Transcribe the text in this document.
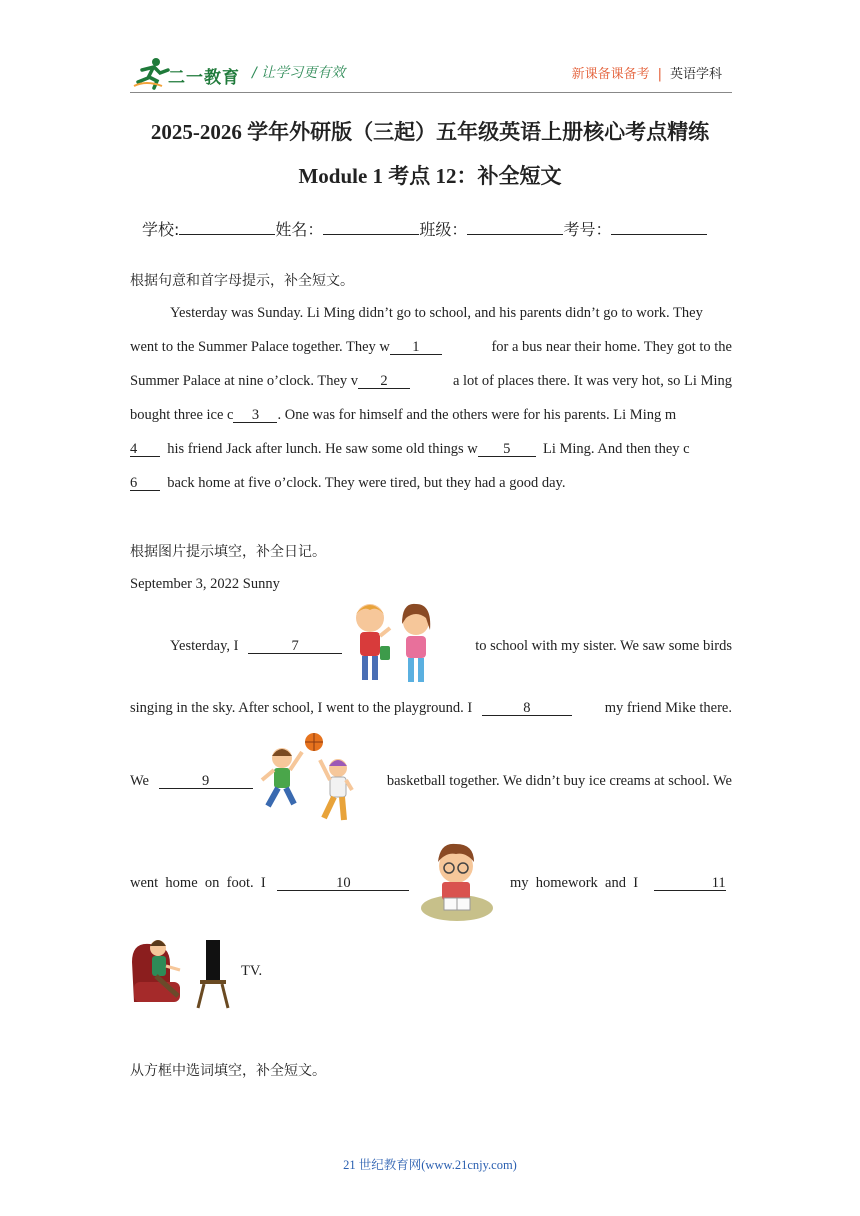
二一教育 / 让学习更有效	新课备课备考 | 英语学科
2025-2026 学年外研版（三起）五年级英语上册核心考点精练
Module 1 考点 12：补全短文
学校:	姓名：	班级：	考号：
根据句意和首字母提示，补全短文。
Yesterday was Sunday. Li Ming didn’t go to school, and his parents didn’t go to work. They
went to the Summer Palace together. They w 1	for a bus near their home. They got to the
Summer Palace at nine o’clock. They v 2	a lot of places there. It was very hot, so Li Ming
bought three ice c 3 . One was for himself and the others were for his parents. Li Ming m
4 his friend Jack after lunch. He saw some old things w 5 Li Ming. And then they c
6 back home at five o’clock. They were tired, but they had a good day.
根据图片提示填空，补全日记。
September 3, 2022 Sunny
Yesterday, I	7	to school with my sister. We saw some birds
singing in the sky. After school, I went to the playground. I	8	my friend Mike there.
We	9	basketball together. We didn’t buy ice creams at school. We
went  home  on  foot.  I	10	my  homework  and  I	11
TV.
从方框中选词填空，补全短文。
21 世纪教育网(www.21cnjy.com)
